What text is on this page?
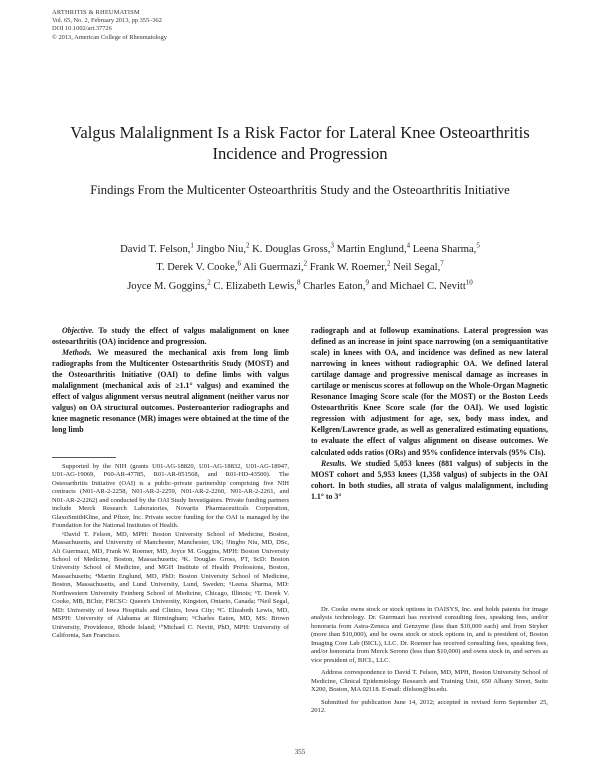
ARTHRITIS & RHEUMATISM
Vol. 65, No. 2, February 2013, pp 355–362
DOI 10.1002/art.37726
© 2013, American College of Rheumatology
Valgus Malalignment Is a Risk Factor for Lateral Knee Osteoarthritis Incidence and Progression
Findings From the Multicenter Osteoarthritis Study and the Osteoarthritis Initiative
David T. Felson,$^1$ Jingbo Niu,$^2$ K. Douglas Gross,$^3$ Martin Englund,$^4$ Leena Sharma,$^5$
T. Derek V. Cooke,$^6$ Ali Guermazi,$^2$ Frank W. Roemer,$^2$ Neil Segal,$^7$
Joyce M. Goggins,$^2$ C. Elizabeth Lewis,$^8$ Charles Eaton,$^9$ and Michael C. Nevitt$^{10}$

Objective. To study the effect of valgus malalignment on knee osteoarthritis (OA) incidence and progression.

Methods. We measured the mechanical axis from long limb radiographs from the Multicenter Osteoarthritis Study (MOST) and the Osteoarthritis Initiative (OAI) to define limbs with valgus malalignment (mechanical axis of ≥1.1° valgus) and examined the effect of valgus alignment versus neutral alignment (neither varus nor valgus) on OA structural outcomes. Posteroanterior radiographs and knee magnetic resonance (MR) images were obtained at the time of the long limb

Supported by the NIH (grants U01-AG-18820, U01-AG-18832, U01-AG-18947, U01-AG-19069, P60-AR-47785, R01-AR-051568, and R01-HD-43500). The Osteoarthritis Initiative (OAI) is a public–private partnership comprising five NIH contracts (N01-AR-2-2258, N01-AR-2-2259, N01-AR-2-2260, N01-AR-2-2261, and N01-AR-2-2262) and conducted by the OAI Study Investigators. Private funding partners include Merck Research Laboratories, Novartis Pharmaceuticals Corporation, GlaxoSmithKline, and Pfizer, Inc. Private sector funding for the OAI is managed by the Foundation for the National Institutes of Health.

¹David T. Felson, MD, MPH: Boston University School of Medicine, Boston, Massachusetts, and University of Manchester, Manchester, UK; ²Jingbo Niu, MD, DSc, Ali Guermazi, MD, Frank W. Roemer, MD, Joyce M. Goggins, MPH: Boston University School of Medicine, Boston, Massachusetts; ³K. Douglas Gross, PT, ScD: Boston University School of Medicine, and MGH Institute of Health Professions, Boston, Massachusetts; ⁴Martin Englund, MD, PhD: Boston University School of Medicine, Boston, Massachusetts, and Lund University, Lund, Sweden; ⁵Leena Sharma, MD: Northwestern University Feinberg School of Medicine, Chicago, Illinois; ⁶T. Derek V. Cooke, MB, BChir, FRCSC: Queen's University, Kingston, Ontario, Canada; ⁷Neil Segal, MD: University of Iowa Hospitals and Clinics, Iowa City; ⁸C. Elizabeth Lewis, MD, MSPH: University of Alabama at Birmingham; ⁹Charles Eaton, MD, MS: Brown University, Providence, Rhode Island; ¹⁰Michael C. Nevitt, PhD, MPH: University of California, San Francisco.

radiograph and at followup examinations. Lateral progression was defined as an increase in joint space narrowing (on a semiquantitative scale) in knees with OA, and incidence was defined as new lateral narrowing in knees without radiographic OA. We defined lateral cartilage damage and progressive meniscal damage as increases in cartilage or meniscus scores at followup on the Whole-Organ Magnetic Resonance Imaging Score scale (for the MOST) or the Boston Leeds Osteoarthritis Knee Score scale (for the OAI). We used logistic regression with adjustment for age, sex, body mass index, and Kellgren/Lawrence grade, as well as generalized estimating equations, to evaluate the effect of valgus alignment on disease outcomes. We calculated odds ratios (ORs) and 95% confidence intervals (95% CIs).

Results. We studied 5,053 knees (881 valgus) of subjects in the MOST cohort and 5,953 knees (1,358 valgus) of subjects in the OAI cohort. In both studies, all strata of valgus malalignment, including 1.1° to 3°

Dr. Cooke owns stock or stock options in OAISYS, Inc. and holds patents for image analysis technology. Dr. Guermazi has received consulting fees, speaking fees, and/or honoraria from Astra-Zeneca and Genzyme (less than $10,000 each) and from Stryker (more than $10,000), and he owns stock or stock options in, and is president of, Boston Imaging Core Lab (BICL), LLC. Dr. Roemer has received consulting fees, speaking fees, and/or honoraria from Merck Serono (less than $10,000) and owns stock in, and serves as vice president of, BICL, LLC.

Address correspondence to David T. Felson, MD, MPH, Boston University School of Medicine, Clinical Epidemiology Research and Training Unit, 650 Albany Street, Suite X200, Boston, MA 02118. E-mail: dfelson@bu.edu.

Submitted for publication June 14, 2012; accepted in revised form September 25, 2012.

355
